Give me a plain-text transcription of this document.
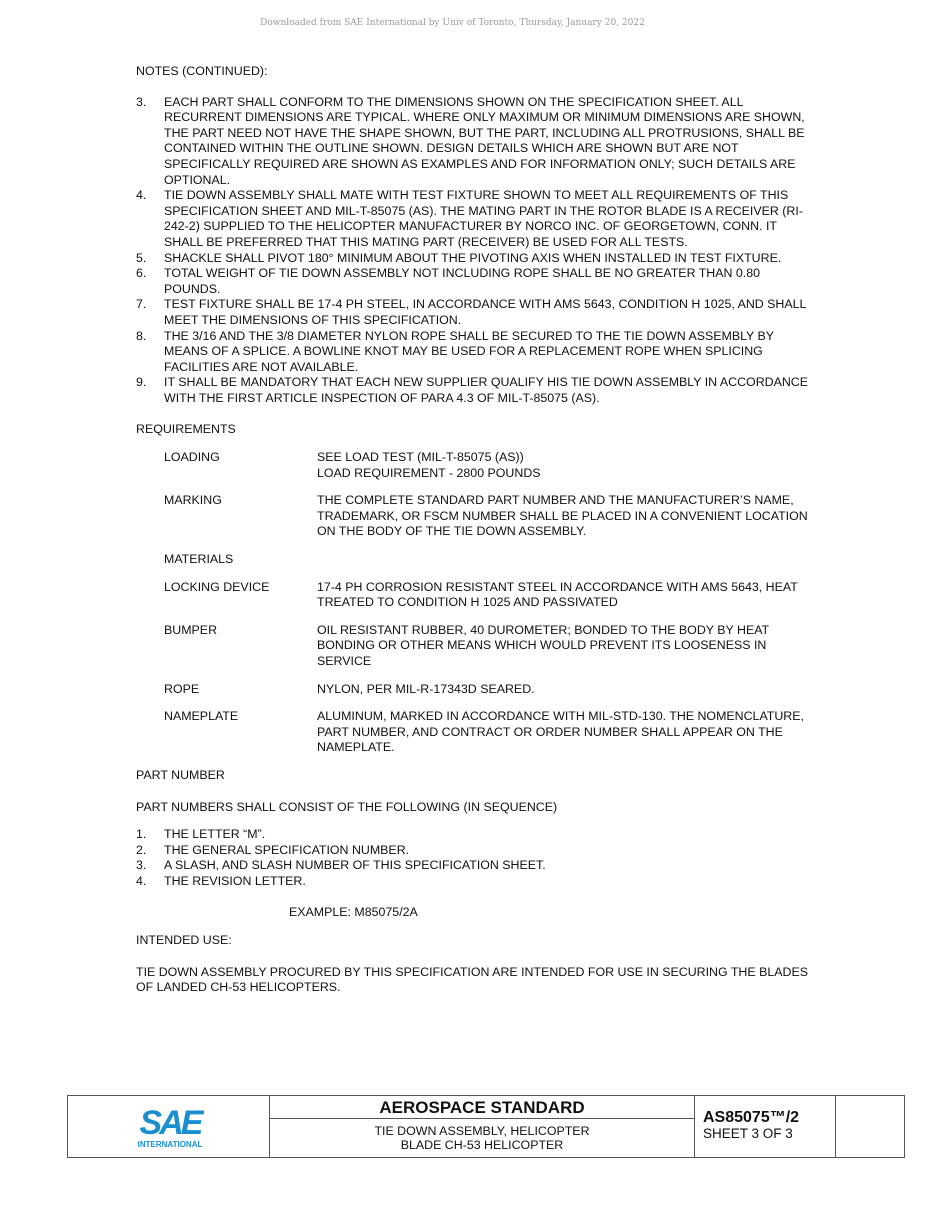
Downloaded from SAE International by Univ of Toronto, Thursday, January 20, 2022
NOTES (CONTINUED):
3.	EACH PART SHALL CONFORM TO THE DIMENSIONS SHOWN ON THE SPECIFICATION SHEET. ALL RECURRENT DIMENSIONS ARE TYPICAL. WHERE ONLY MAXIMUM OR MINIMUM DIMENSIONS ARE SHOWN, THE PART NEED NOT HAVE THE SHAPE SHOWN, BUT THE PART, INCLUDING ALL PROTRUSIONS, SHALL BE CONTAINED WITHIN THE OUTLINE SHOWN. DESIGN DETAILS WHICH ARE SHOWN BUT ARE NOT SPECIFICALLY REQUIRED ARE SHOWN AS EXAMPLES AND FOR INFORMATION ONLY; SUCH DETAILS ARE OPTIONAL.
4.	TIE DOWN ASSEMBLY SHALL MATE WITH TEST FIXTURE SHOWN TO MEET ALL REQUIREMENTS OF THIS SPECIFICATION SHEET AND MIL-T-85075 (AS). THE MATING PART IN THE ROTOR BLADE IS A RECEIVER (RI-242-2) SUPPLIED TO THE HELICOPTER MANUFACTURER BY NORCO INC. OF GEORGETOWN, CONN. IT SHALL BE PREFERRED THAT THIS MATING PART (RECEIVER) BE USED FOR ALL TESTS.
5.	SHACKLE SHALL PIVOT 180° MINIMUM ABOUT THE PIVOTING AXIS WHEN INSTALLED IN TEST FIXTURE.
6.	TOTAL WEIGHT OF TIE DOWN ASSEMBLY NOT INCLUDING ROPE SHALL BE NO GREATER THAN 0.80 POUNDS.
7.	TEST FIXTURE SHALL BE 17-4 PH STEEL, IN ACCORDANCE WITH AMS 5643, CONDITION H 1025, AND SHALL MEET THE DIMENSIONS OF THIS SPECIFICATION.
8.	THE 3/16 AND THE 3/8 DIAMETER NYLON ROPE SHALL BE SECURED TO THE TIE DOWN ASSEMBLY BY MEANS OF A SPLICE. A BOWLINE KNOT MAY BE USED FOR A REPLACEMENT ROPE WHEN SPLICING FACILITIES ARE NOT AVAILABLE.
9.	IT SHALL BE MANDATORY THAT EACH NEW SUPPLIER QUALIFY HIS TIE DOWN ASSEMBLY IN ACCORDANCE WITH THE FIRST ARTICLE INSPECTION OF PARA 4.3 OF MIL-T-85075 (AS).
REQUIREMENTS
LOADING	SEE LOAD TEST (MIL-T-85075 (AS))
LOAD REQUIREMENT - 2800 POUNDS
MARKING	THE COMPLETE STANDARD PART NUMBER AND THE MANUFACTURER’S NAME, TRADEMARK, OR FSCM NUMBER SHALL BE PLACED IN A CONVENIENT LOCATION ON THE BODY OF THE TIE DOWN ASSEMBLY.
MATERIALS
LOCKING DEVICE	17-4 PH CORROSION RESISTANT STEEL IN ACCORDANCE WITH AMS 5643, HEAT TREATED TO CONDITION H 1025 AND PASSIVATED
BUMPER	OIL RESISTANT RUBBER, 40 DUROMETER; BONDED TO THE BODY BY HEAT BONDING OR OTHER MEANS WHICH WOULD PREVENT ITS LOOSENESS IN SERVICE
ROPE	NYLON, PER MIL-R-17343D SEARED.
NAMEPLATE	ALUMINUM, MARKED IN ACCORDANCE WITH MIL-STD-130. THE NOMENCLATURE, PART NUMBER, AND CONTRACT OR ORDER NUMBER SHALL APPEAR ON THE NAMEPLATE.
PART NUMBER
PART NUMBERS SHALL CONSIST OF THE FOLLOWING (IN SEQUENCE)
1.	THE LETTER “M”.
2.	THE GENERAL SPECIFICATION NUMBER.
3.	A SLASH, AND SLASH NUMBER OF THIS SPECIFICATION SHEET.
4.	THE REVISION LETTER.
EXAMPLE: M85075/2A
INTENDED USE:
TIE DOWN ASSEMBLY PROCURED BY THIS SPECIFICATION ARE INTENDED FOR USE IN SECURING THE BLADES OF LANDED CH-53 HELICOPTERS.
SAE
INTERNATIONAL
AEROSPACE STANDARD
TIE DOWN ASSEMBLY, HELICOPTER
BLADE CH-53 HELICOPTER
AS85075™/2
SHEET 3 OF 3
